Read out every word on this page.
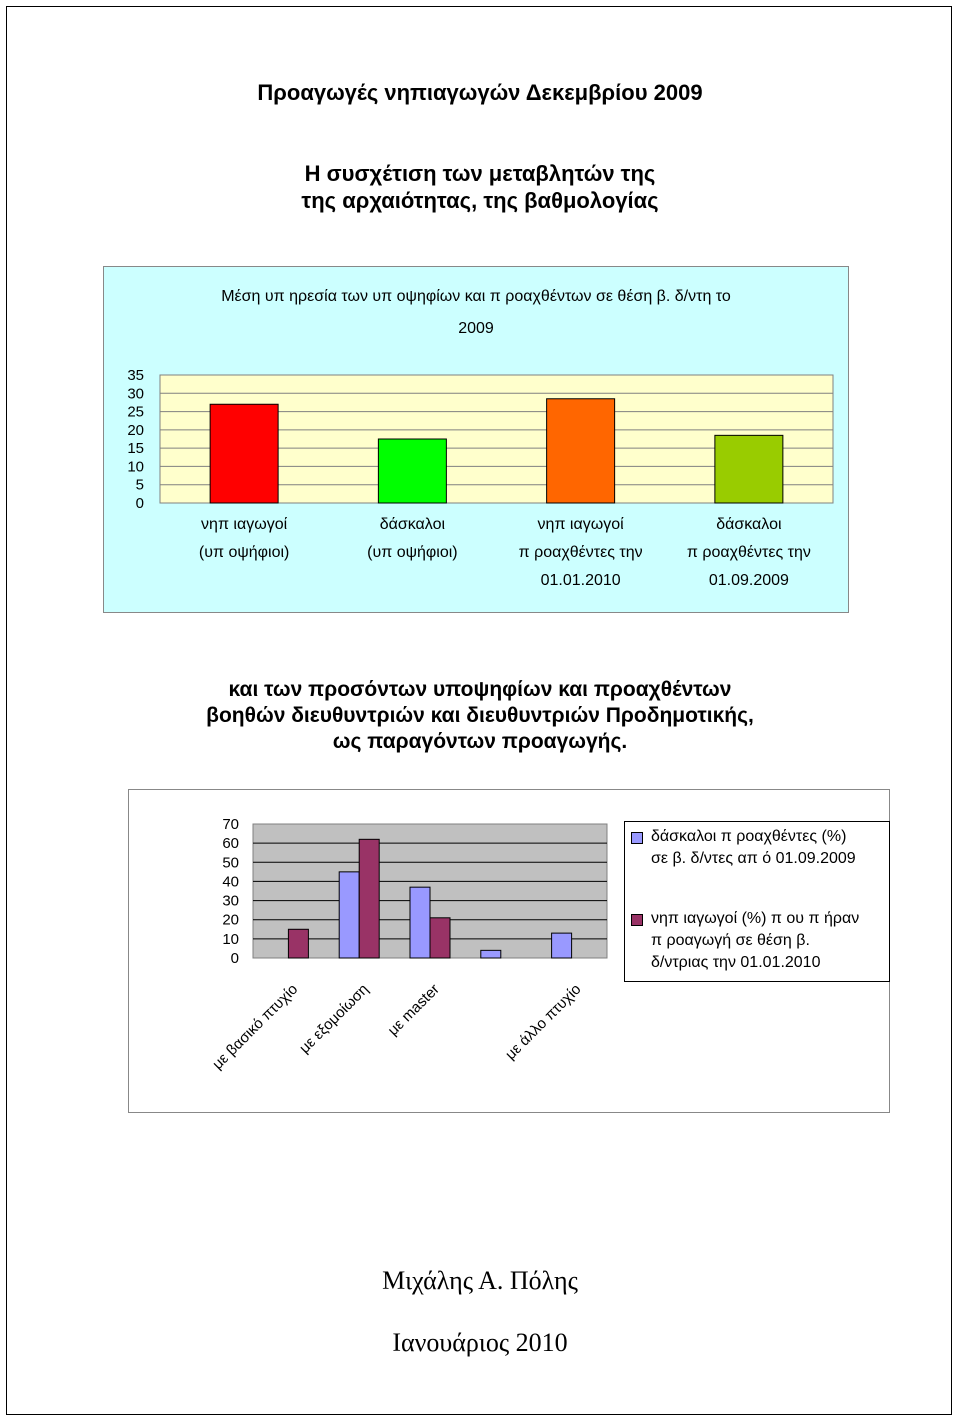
Προαγωγές νηπιαγωγών Δεκεμβρίου 2009
Η συσχέτιση των μεταβλητών της
της αρχαιότητας, της βαθμολογίας
Μέση υπ ηρεσία των υπ οψηφίων και π ροαχθέντων σε θέση β. δ/ντη το
2009
35
30
25
20
15
10
5
0
νηπ ιαγωγοί
(υπ οψήφιοι)
δάσκαλοι
(υπ οψήφιοι)
νηπ ιαγωγοί
π ροαχθέντες την
01.01.2010
δάσκαλοι
π ροαχθέντες την
01.09.2009
και των προσόντων υποψηφίων και προαχθέντων
βοηθών διευθυντριών και διευθυντριών Προδημοτικής,
ως παραγόντων προαγωγής.
70
60
50
40
30
20
10
0
με βασικό πτυχίο
με εξομοίωση με master	με άλλο πτυχίο
δάσκαλοι π ροαχθέντες (%)
σε β. δ/ντες απ ό 01.09.2009
νηπ ιαγωγοί (%) π ου π ήραν
π ροαγωγή σε θέση β.
δ/ντριας την 01.01.2010
Μιχάλης Α. Πόλης
Ιανουάριος 2010
